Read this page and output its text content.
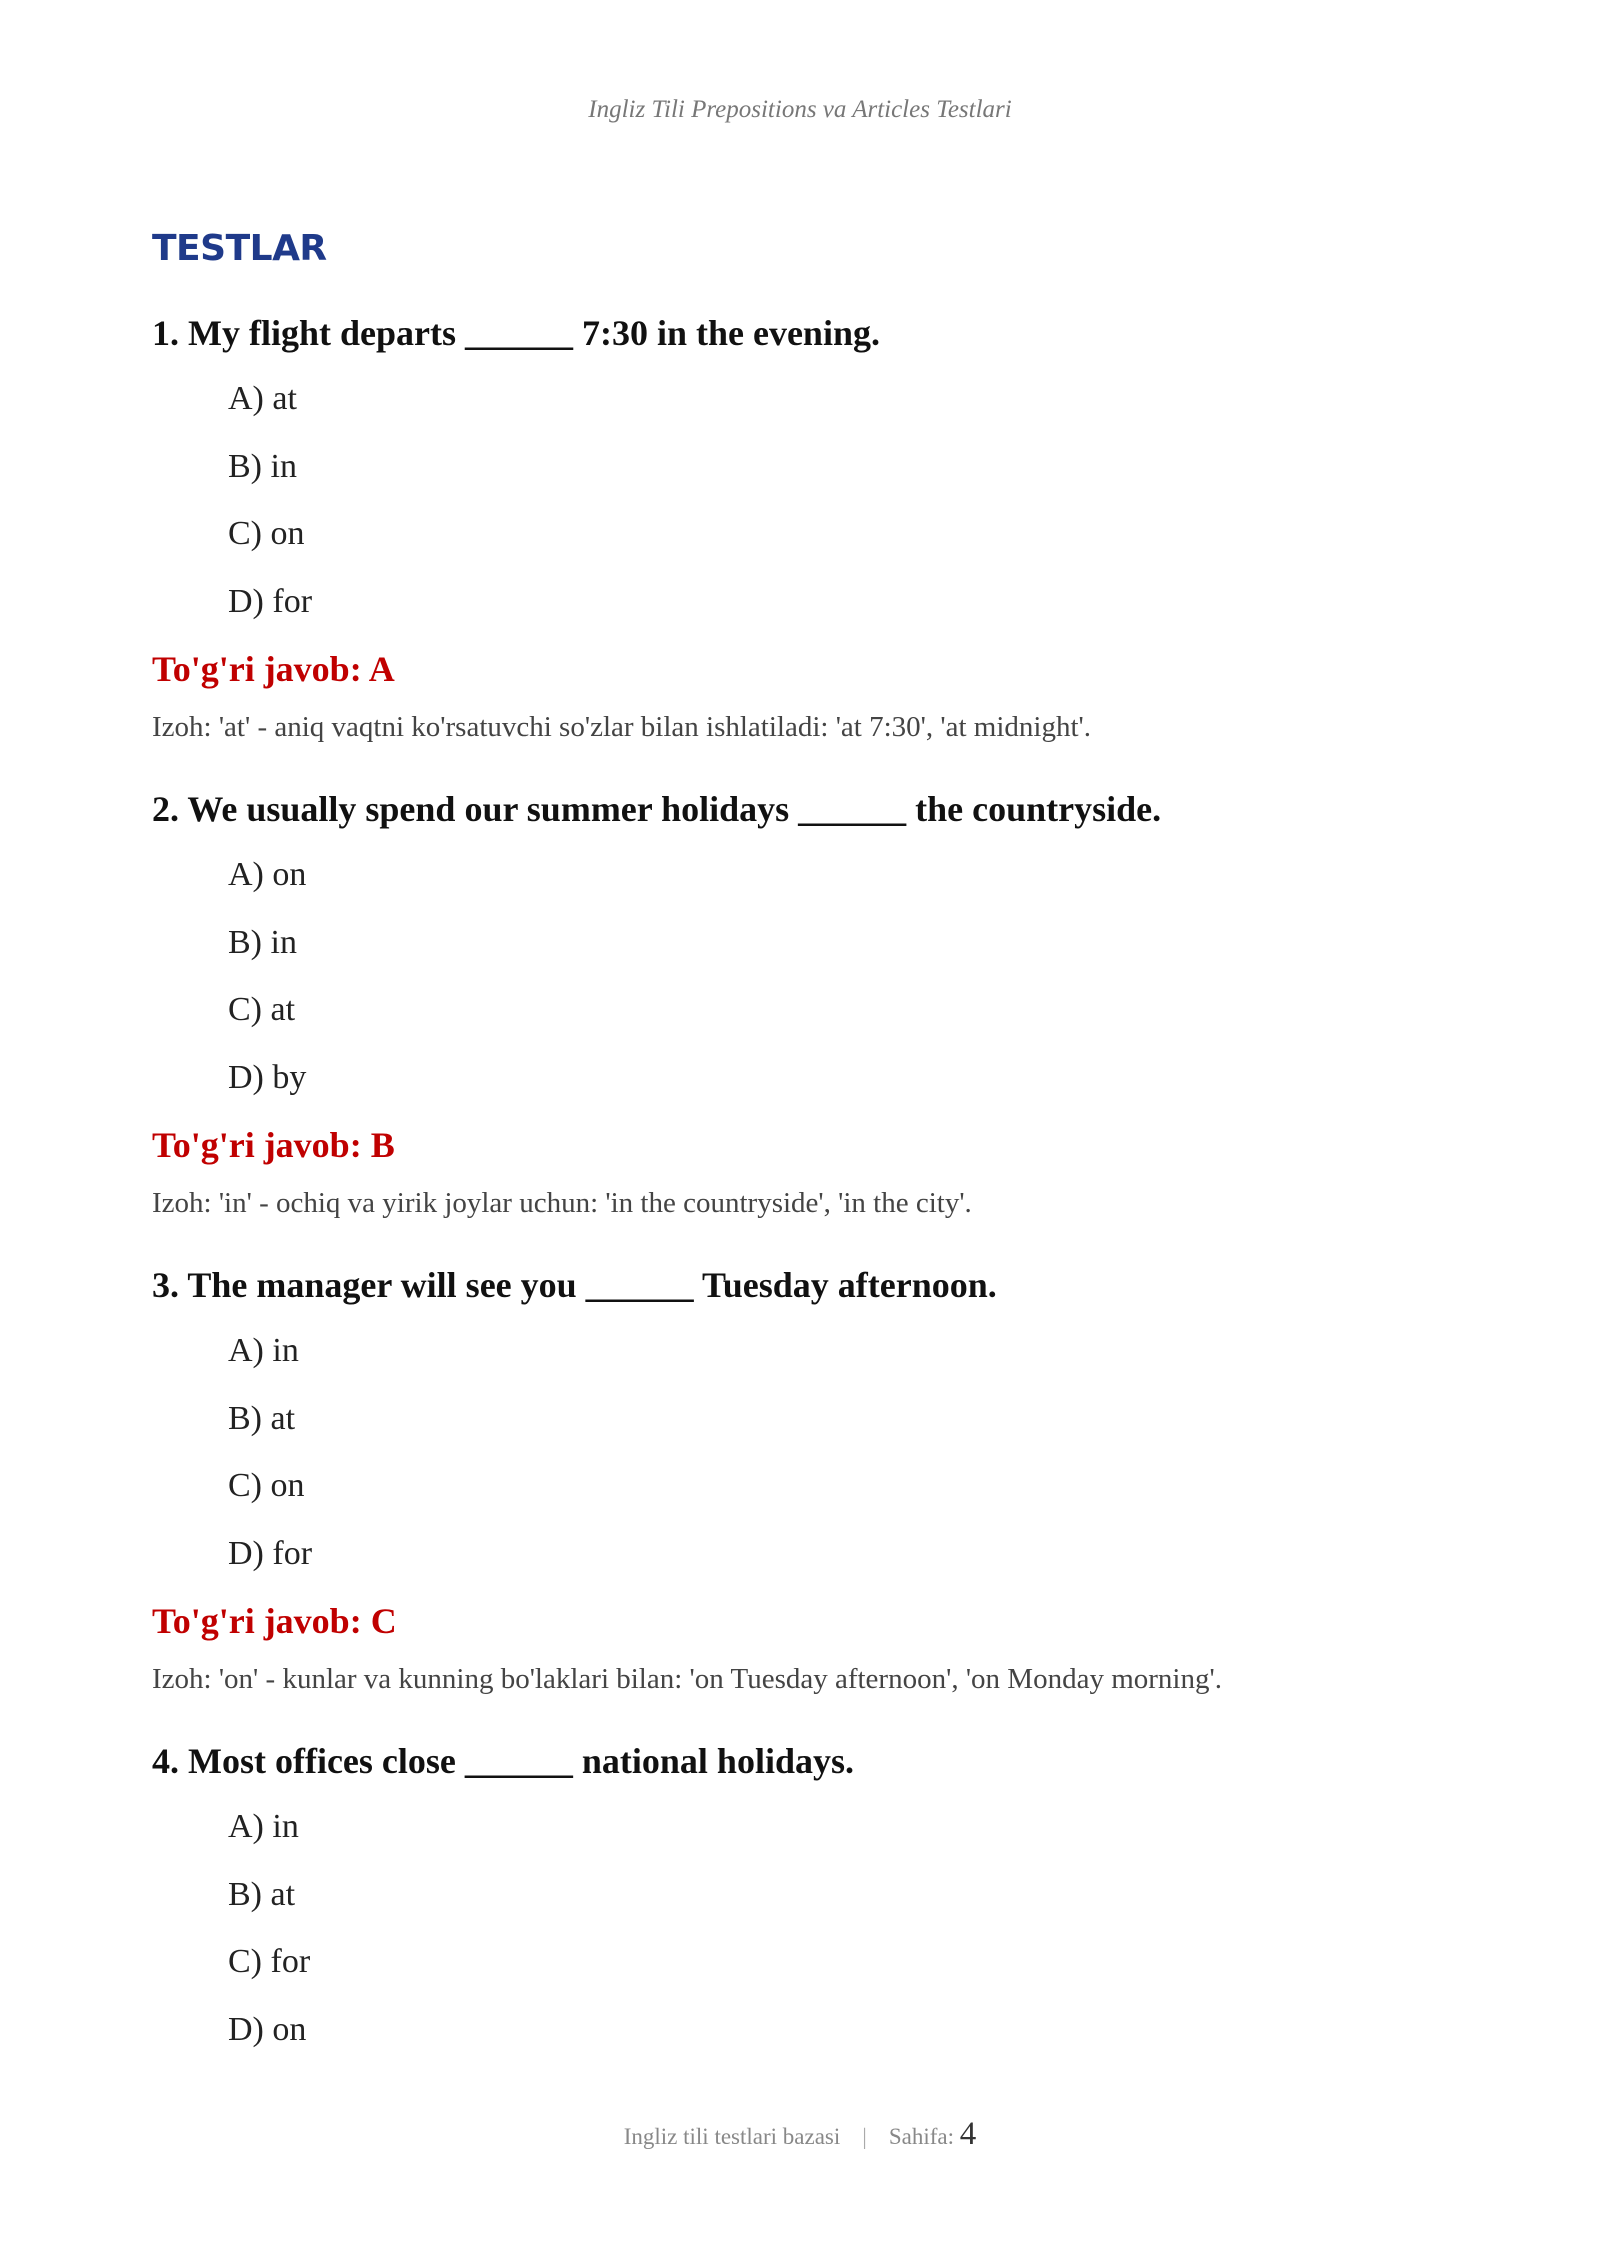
Ingliz Tili Prepositions va Articles Testlari
TESTLAR
1. My flight departs ______ 7:30 in the evening.
A) at
B) in
C) on
D) for
To'g'ri javob: A
Izoh: 'at' - aniq vaqtni ko'rsatuvchi so'zlar bilan ishlatiladi: 'at 7:30', 'at midnight'.
2. We usually spend our summer holidays ______ the countryside.
A) on
B) in
C) at
D) by
To'g'ri javob: B
Izoh: 'in' - ochiq va yirik joylar uchun: 'in the countryside', 'in the city'.
3. The manager will see you ______ Tuesday afternoon.
A) in
B) at
C) on
D) for
To'g'ri javob: C
Izoh: 'on' - kunlar va kunning bo'laklari bilan: 'on Tuesday afternoon', 'on Monday morning'.
4. Most offices close ______ national holidays.
A) in
B) at
C) for
D) on
Ingliz tili testlari bazasi | Sahifa: 4
